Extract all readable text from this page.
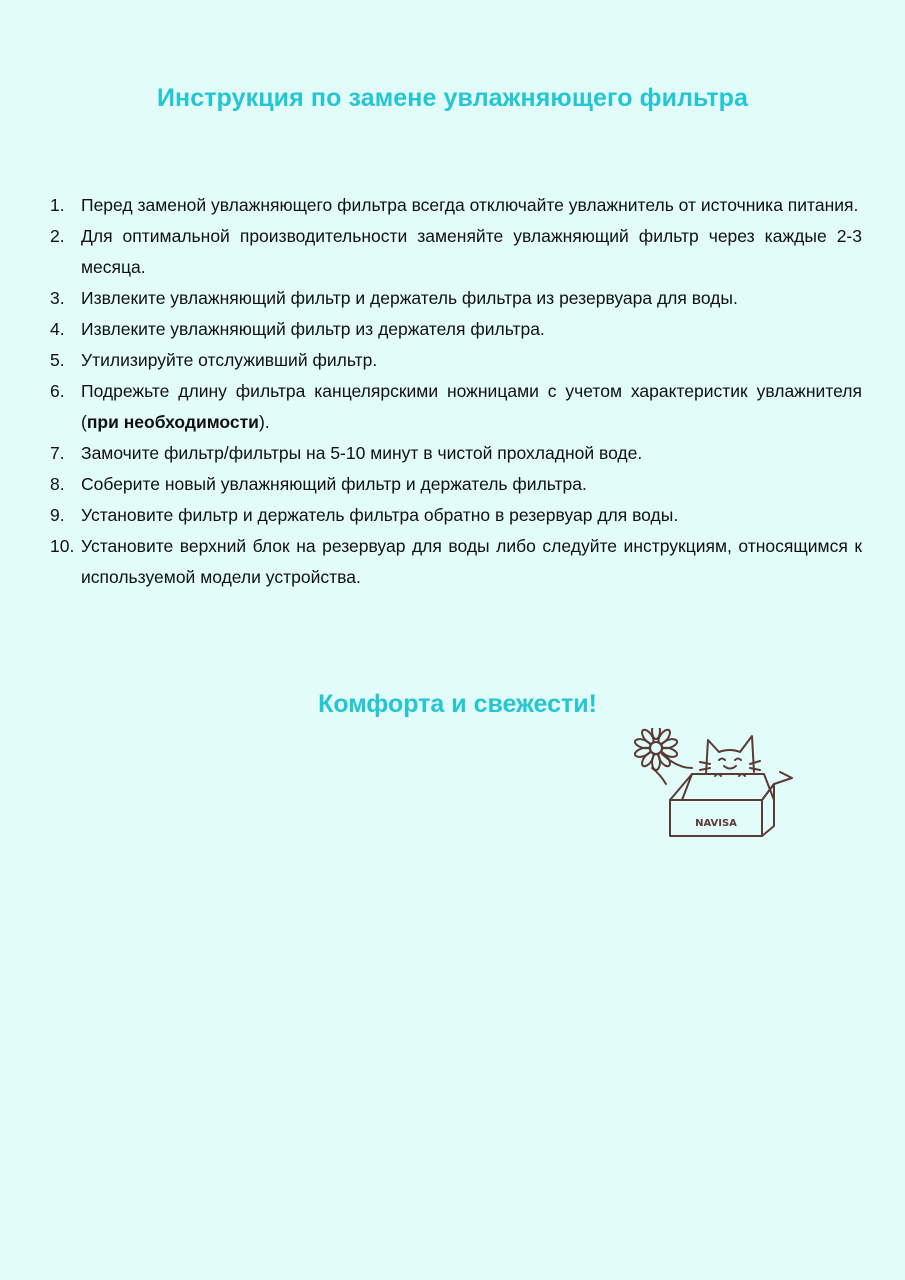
Инструкция по замене увлажняющего фильтра
1. Перед заменой увлажняющего фильтра всегда отключайте увлажнитель от источника питания.
2. Для оптимальной производительности заменяйте увлажняющий фильтр через каждые 2-3 месяца.
3. Извлеките увлажняющий фильтр и держатель фильтра из резервуара для воды.
4. Извлеките увлажняющий фильтр из держателя фильтра.
5. Утилизируйте отслуживший фильтр.
6. Подрежьте длину фильтра канцелярскими ножницами с учетом характеристик увлажнителя (при необходимости).
7. Замочите фильтр/фильтры на 5-10 минут в чистой прохладной воде.
8. Соберите новый увлажняющий фильтр и держатель фильтра.
9. Установите фильтр и держатель фильтра обратно в резервуар для воды.
10. Установите верхний блок на резервуар для воды либо следуйте инструкциям, относящимся к используемой модели устройства.
Комфорта и свежести!
NAVISA
